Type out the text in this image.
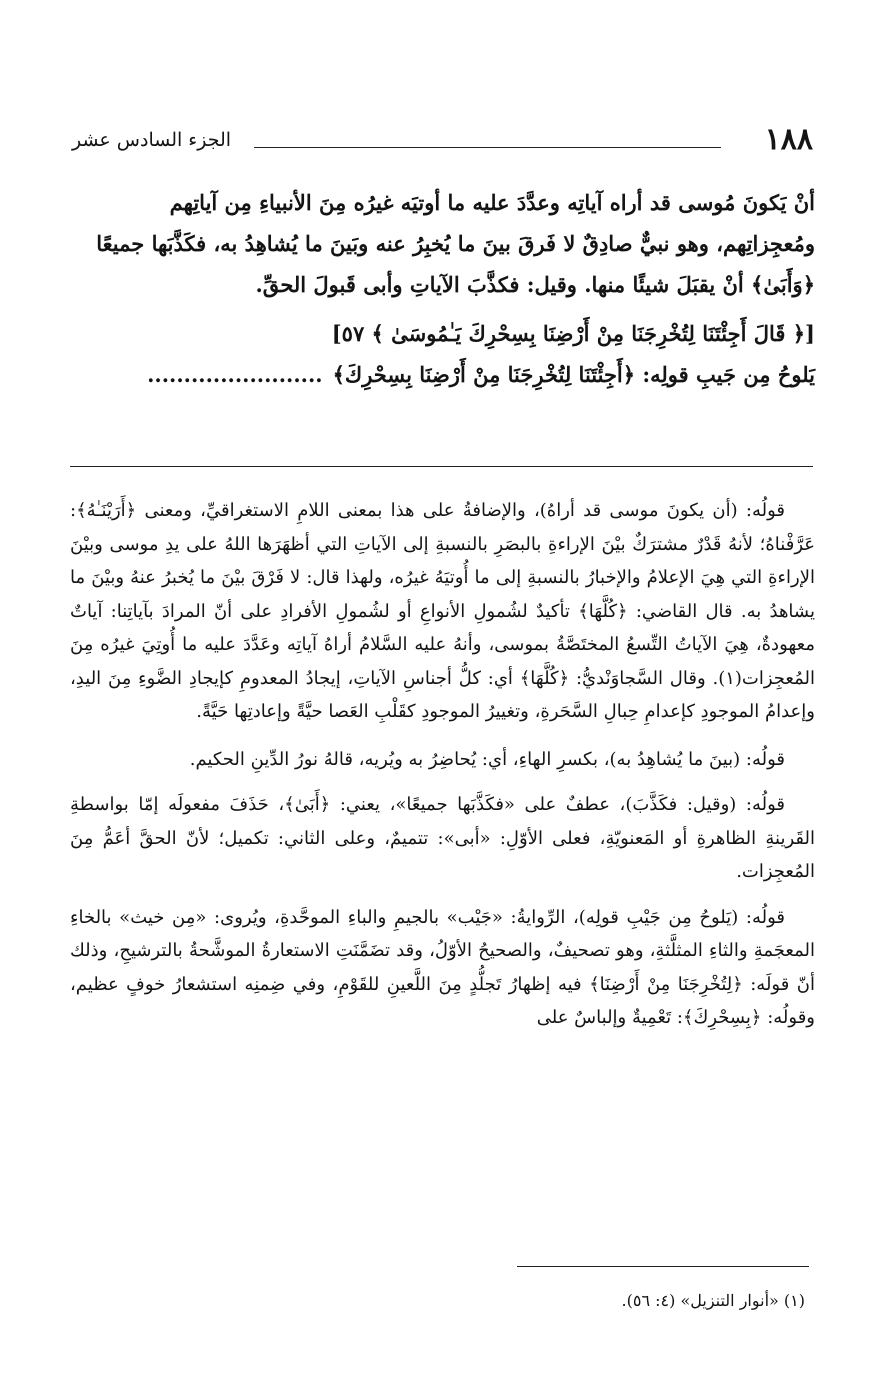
١٨٨
الجزء السادس عشر

أنْ يَكونَ مُوسى قد أراه آياتِه وعدَّدَ عليه ما أوتيَه غيرُه مِنَ الأنبياءِ مِن آياتِهم

ومُعجِزاتِهم، وهو نبيٌّ صادِقٌ لا فَرقَ بينَ ما يُخبِرُ عنه وبَينَ ما يُشاهِدُ به، فكَذَّبَها جميعًا

﴿وَأَبَىٰ﴾ أنْ يقبَلَ شيئًا منها. وقيل: فكذَّبَ الآياتِ وأبى قَبولَ الحقِّ.

[﴿ قَالَ أَجِئْتَنَا لِتُخْرِجَنَا مِنْ أَرْضِنَا بِسِحْرِكَ يَـٰمُوسَىٰ ﴾ ٥٧]

يَلوحُ مِن جَيبِ قولِه: ﴿أَجِئْتَنَا لِتُخْرِجَنَا مِنْ أَرْضِنَا بِسِحْرِكَ﴾........................

قولُه: (أن يكونَ موسى قد أراهُ)، والإضافةُ على هذا بمعنى اللامِ الاستغراقيِّ، ومعنى ﴿أَرَيْنَـٰهُ﴾: عَرَّفْناهُ؛ لأنهُ قَدْرٌ مشترَكٌ بيْنَ الإراءةِ بالبصَرِ بالنسبةِ إلى الآياتِ التي أظهَرَها اللهُ على يدِ موسى وبيْنَ الإراءةِ التي هِيَ الإعلامُ والإخبارُ بالنسبةِ إلى ما أُوتيَهُ غيرُه، ولهذا قال: لا فَرْقَ بيْنَ ما يُخبرُ عنهُ وبيْنَ ما يشاهدُ به. قال القاضي: ﴿كُلَّهَا﴾ تأكيدٌ لشُمولِ الأنواعِ أو لشُمولِ الأفرادِ على أنّ المرادَ بآياتِنا: آياتٌ معهودةٌ، هِيَ الآياتُ التِّسعُ المختَصَّةُ بموسى، وأنهُ عليه السَّلامُ أراهُ آياتِه وعَدَّدَ عليه ما أُوتِيَ غيرُه مِنَ المُعجِزات(١). وقال السَّجاوَنْديُّ: ﴿كُلَّهَا﴾ أي: كلُّ أجناسِ الآياتِ، إيجادُ المعدومِ كإيجادِ الضَّوءِ مِنَ اليدِ، وإعدامُ الموجودِ كإعدامِ حِبالِ السَّحَرةِ، وتغييرُ الموجودِ كقَلْبِ العَصا حيَّةً وإعادتِها حَيَّةً.

قولُه: (بينَ ما يُشاهِدُ به)، بكسرِ الهاءِ، أي: يُحاضِرُ به ويُريه، قالهُ نورُ الدِّينِ الحكيم.

قولُه: (وقيل: فكَذَّبَ)، عطفٌ على «فكَذَّبَها جميعًا»، يعني: ﴿أَبَىٰ﴾، حَذَفَ مفعولَه إمّا بواسطةِ القَرينةِ الظاهرةِ أو المَعنويّةِ، فعلى الأوّلِ: «أبى»: تتميمٌ، وعلى الثاني: تكميل؛ لأنّ الحقَّ أعَمُّ مِنَ المُعجِزات.

قولُه: (يَلوحُ مِن جَيْبِ قولِه)، الرِّوايةُ: «جَيْب» بالجيمِ والباءِ الموحَّدةِ، ويُروى: «مِن خيث» بالخاءِ المعجَمةِ والثاءِ المثلَّثةِ، وهو تصحيفٌ، والصحيحُ الأوّلُ، وقد تضَمَّنَتِ الاستعارةُ الموشَّحةُ بالترشيحِ، وذلك أنّ قولَه: ﴿لِتُخْرِجَنَا مِنْ أَرْضِنَا﴾ فيه إظهارُ تَجلُّدٍ مِنَ اللَّعينِ للقَوْمِ، وفي ضِمنِه استشعارُ خوفٍ عظيم، وقولُه: ﴿بِسِحْرِكَ﴾: تَعْمِيةٌ وإلباسٌ على

(١) «أنوار التنزيل» (٤: ٥٦).
